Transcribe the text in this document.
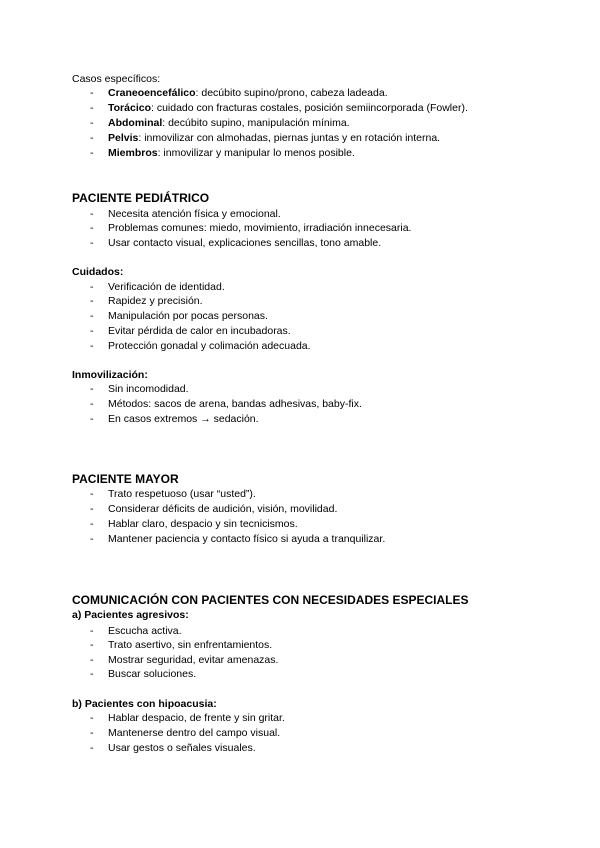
Casos específicos:
- Craneoencefálico: decúbito supino/prono, cabeza ladeada.
- Torácico: cuidado con fracturas costales, posición semiincorporada (Fowler).
- Abdominal: decúbito supino, manipulación mínima.
- Pelvis: inmovilizar con almohadas, piernas juntas y en rotación interna.
- Miembros: inmovilizar y manipular lo menos posible.
PACIENTE PEDIÁTRICO
- Necesita atención física y emocional.
- Problemas comunes: miedo, movimiento, irradiación innecesaria.
- Usar contacto visual, explicaciones sencillas, tono amable.
Cuidados:
- Verificación de identidad.
- Rapidez y precisión.
- Manipulación por pocas personas.
- Evitar pérdida de calor en incubadoras.
- Protección gonadal y colimación adecuada.
Inmovilización:
- Sin incomodidad.
- Métodos: sacos de arena, bandas adhesivas, baby-fix.
- En casos extremos → sedación.
PACIENTE MAYOR
- Trato respetuoso (usar “usted”).
- Considerar déficits de audición, visión, movilidad.
- Hablar claro, despacio y sin tecnicismos.
- Mantener paciencia y contacto físico si ayuda a tranquilizar.
COMUNICACIÓN CON PACIENTES CON NECESIDADES ESPECIALES
a) Pacientes agresivos:
- Escucha activa.
- Trato asertivo, sin enfrentamientos.
- Mostrar seguridad, evitar amenazas.
- Buscar soluciones.
b) Pacientes con hipoacusia:
- Hablar despacio, de frente y sin gritar.
- Mantenerse dentro del campo visual.
- Usar gestos o señales visuales.
